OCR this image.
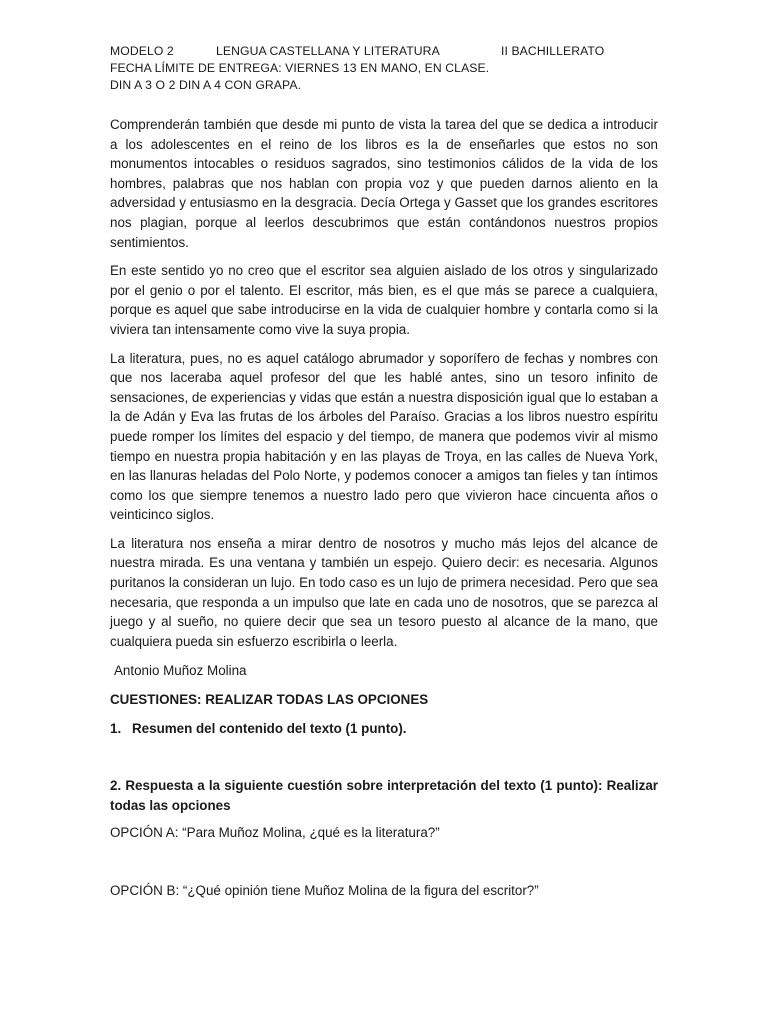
MODELO 2	LENGUA CASTELLANA Y LITERATURA	II BACHILLERATO
FECHA LÍMITE DE ENTREGA: VIERNES 13 EN MANO, EN CLASE.
DIN A 3 O 2 DIN A 4 CON GRAPA.

Comprenderán también que desde mi punto de vista la tarea del que se dedica a introducir a los adolescentes en el reino de los libros es la de enseñarles que estos no son monumentos intocables o residuos sagrados, sino testimonios cálidos de la vida de los hombres, palabras que nos hablan con propia voz y que pueden darnos aliento en la adversidad y entusiasmo en la desgracia. Decía Ortega y Gasset que los grandes escritores nos plagian, porque al leerlos descubrimos que están contándonos nuestros propios sentimientos.

En este sentido yo no creo que el escritor sea alguien aislado de los otros y singularizado por el genio o por el talento. El escritor, más bien, es el que más se parece a cualquiera, porque es aquel que sabe introducirse en la vida de cualquier hombre y contarla como si la viviera tan intensamente como vive la suya propia.

La literatura, pues, no es aquel catálogo abrumador y soporífero de fechas y nombres con que nos laceraba aquel profesor del que les hablé antes, sino un tesoro infinito de sensaciones, de experiencias y vidas que están a nuestra disposición igual que lo estaban a la de Adán y Eva las frutas de los árboles del Paraíso. Gracias a los libros nuestro espíritu puede romper los límites del espacio y del tiempo, de manera que podemos vivir al mismo tiempo en nuestra propia habitación y en las playas de Troya, en las calles de Nueva York, en las llanuras heladas del Polo Norte, y podemos conocer a amigos tan fieles y tan íntimos como los que siempre tenemos a nuestro lado pero que vivieron hace cincuenta años o veinticinco siglos.

La literatura nos enseña a mirar dentro de nosotros y mucho más lejos del alcance de nuestra mirada. Es una ventana y también un espejo. Quiero decir: es necesaria. Algunos puritanos la consideran un lujo. En todo caso es un lujo de primera necesidad. Pero que sea necesaria, que responda a un impulso que late en cada uno de nosotros, que se parezca al juego y al sueño, no quiere decir que sea un tesoro puesto al alcance de la mano, que cualquiera pueda sin esfuerzo escribirla o leerla.

Antonio Muñoz Molina
CUESTIONES: REALIZAR TODAS LAS OPCIONES
1. Resumen del contenido del texto (1 punto).
2. Respuesta a la siguiente cuestión sobre interpretación del texto (1 punto): Realizar todas las opciones
OPCIÓN A: “Para Muñoz Molina, ¿qué es la literatura?”
OPCIÓN B: “¿Qué opinión tiene Muñoz Molina de la figura del escritor?”
